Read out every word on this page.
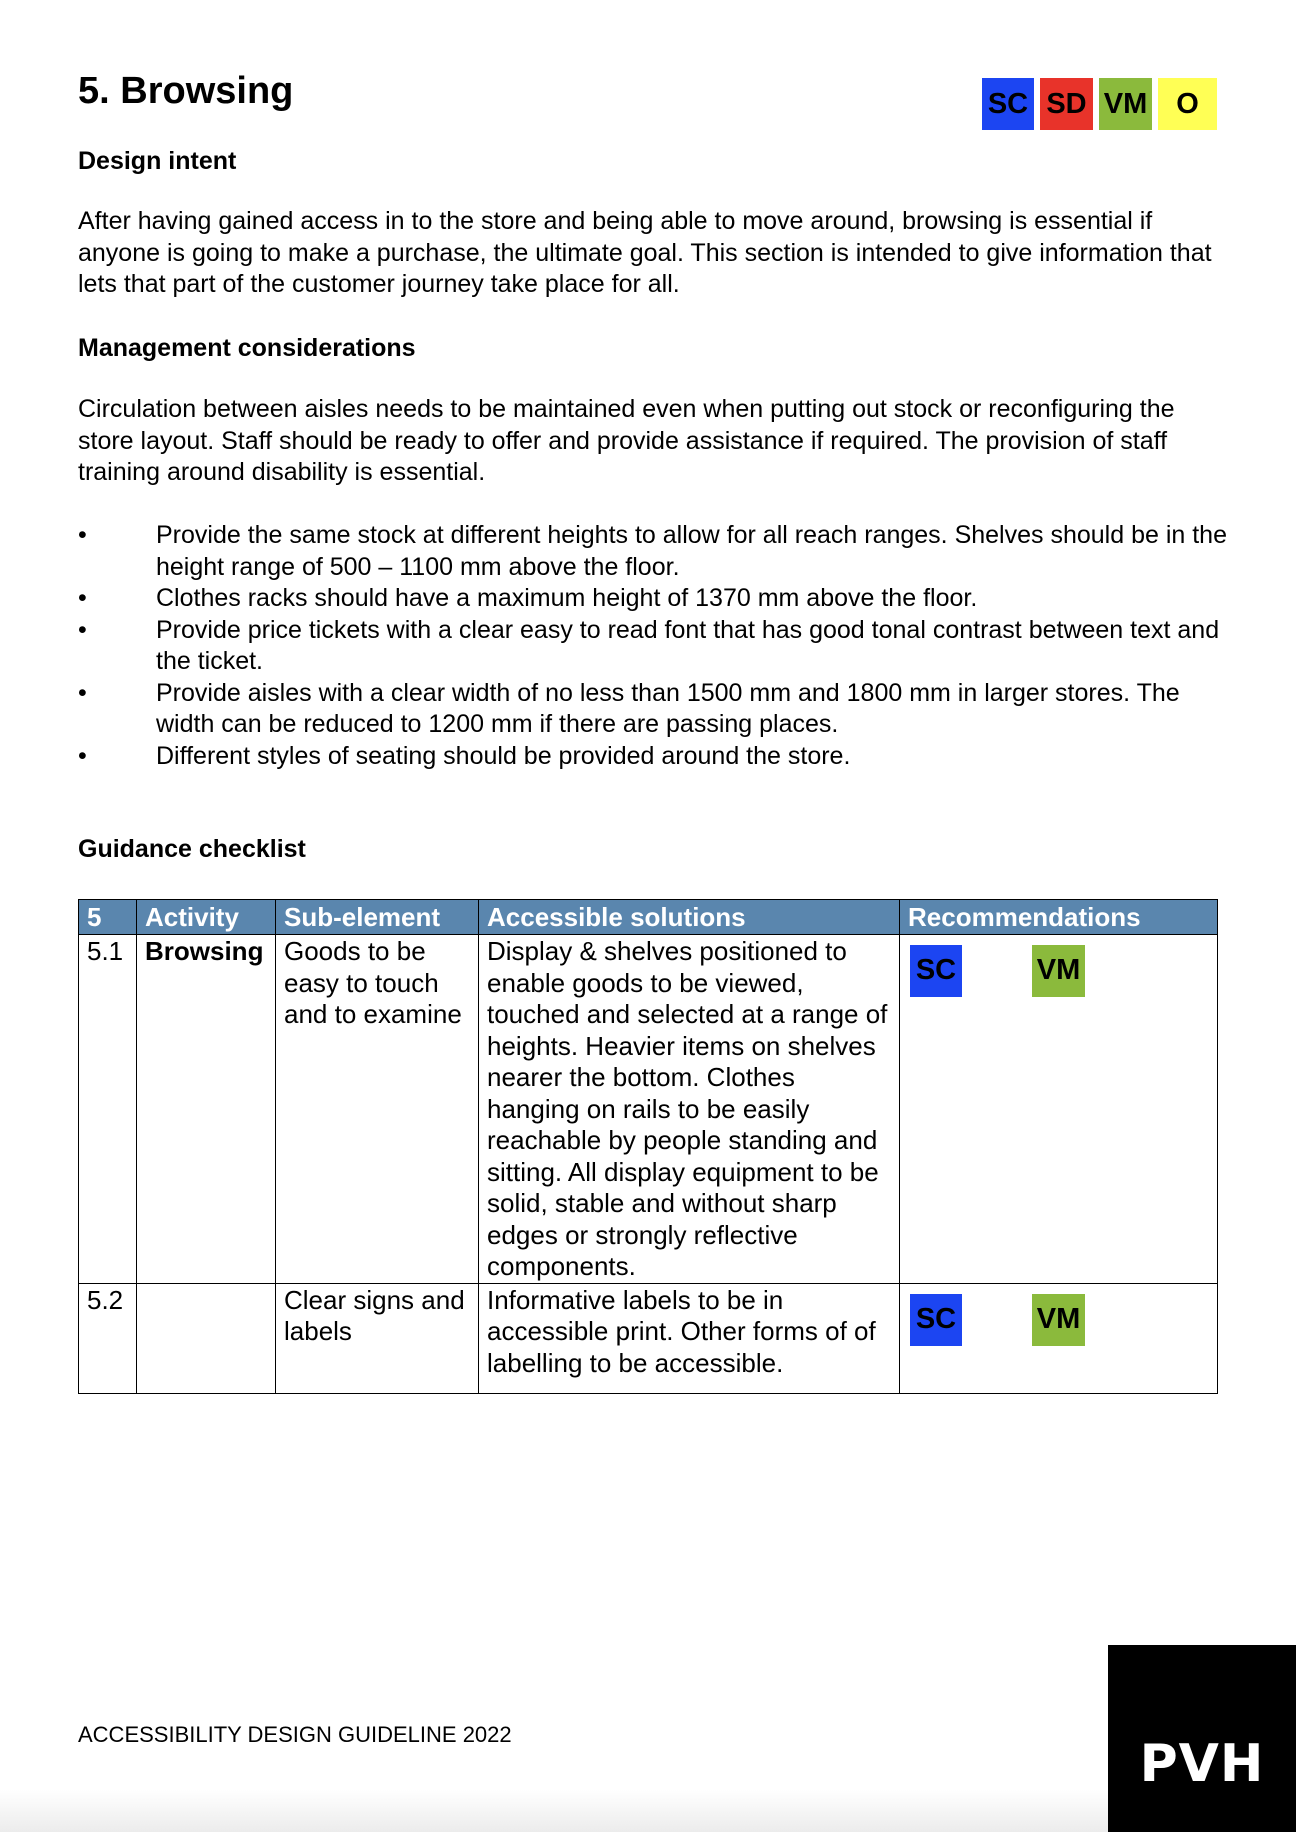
5. Browsing	SC SD VM O
Design intent

After having gained access in to the store and being able to move around, browsing is essential if anyone is going to make a purchase, the ultimate goal. This section is intended to give information that lets that part of the customer journey take place for all.

Management considerations

Circulation between aisles needs to be maintained even when putting out stock or reconfiguring the store layout. Staff should be ready to offer and provide assistance if required. The provision of staff training around disability is essential.

•	Provide the same stock at different heights to allow for all reach ranges. Shelves should be in the height range of 500 – 1100 mm above the floor.
•	Clothes racks should have a maximum height of 1370 mm above the floor.
•	Provide price tickets with a clear easy to read font that has good tonal contrast between text and the ticket.
•	Provide aisles with a clear width of no less than 1500 mm and 1800 mm in larger stores. The width can be reduced to 1200 mm if there are passing places.
•	Different styles of seating should be provided around the store.
Guidance checklist
5	Activity	Sub-element	Accessible solutions	Recommendations
5.1	Browsing	Goods to be easy to touch and to examine	Display & shelves positioned to enable goods to be viewed, touched and selected at a range of heights. Heavier items on shelves nearer the bottom. Clothes hanging on rails to be easily reachable by people standing and sitting. All display equipment to be solid, stable and without sharp edges or strongly reflective components.	SC VM

5.2		Clear signs and labels	Informative labels to be in accessible print. Other forms of of labelling to be accessible.	SC VM
ACCESSIBILITY DESIGN GUIDELINE 2022	PVH
